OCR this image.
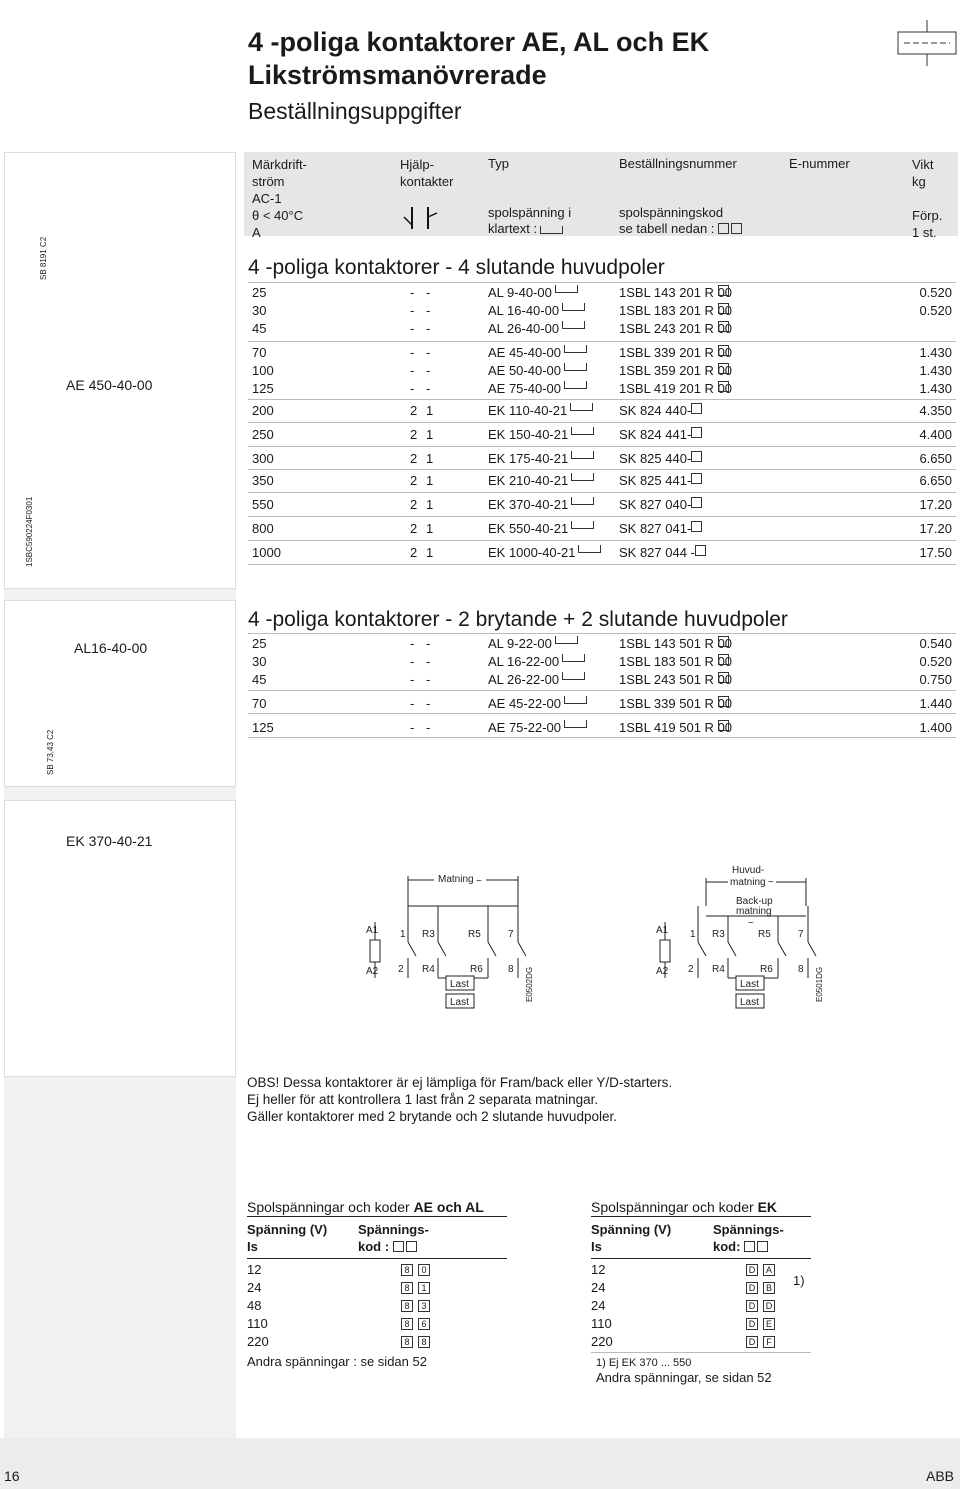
4 -poliga kontaktorer AE, AL och EK
Likströmsmanövrerade
Beställningsuppgifter
AE 450-40-00
SB 8191 C2
1SBC590224F0301
AL16-40-00
SB 73,43 C2
EK 370-40-21
Märkdrift-
ström
AC-1
θ < 40°C
A
Hjälp-
kontakter
Typ
spolspänning i
klartext :
Beställningsnummer
spolspänningskod
se tabell nedan :
E-nummer	Vikt
kg

Förp.
1 st.
4 -poliga kontaktorer - 4 slutande huvudpoler
25	- -	AL 9-40-00	1SBL 143 201 R 00	0.520
30	- -	AL 16-40-00	1SBL 183 201 R 00	0.520
45	- -	AL 26-40-00	1SBL 243 201 R 00
70	- -	AE 45-40-00	1SBL 339 201 R 00	1.430
100	- -	AE 50-40-00	1SBL 359 201 R 00	1.430
125	- -	AE 75-40-00	1SBL 419 201 R 00	1.430
200	2 1	EK 110-40-21	SK 824 440-	4.350
250	2 1	EK 150-40-21	SK 824 441-	4.400
300	2 1	EK 175-40-21	SK 825 440-	6.650
350	2 1	EK 210-40-21	SK 825 441-	6.650
550	2 1	EK 370-40-21	SK 827 040-	17.20
800	2 1	EK 550-40-21	SK 827 041-	17.20
1000	2 1	EK 1000-40-21	SK 827 044 -	17.50
4 -poliga kontaktorer - 2 brytande + 2 slutande huvudpoler
25	- -	AL 9-22-00	1SBL 143 501 R 00	0.540
30	- -	AL 16-22-00	1SBL 183 501 R 00	0.520
45	- -	AL 26-22-00	1SBL 243 501 R 00	0.750
70	- -	AE 45-22-00	1SBL 339 501 R 00	1.440
125	- -	AE 75-22-00	1SBL 419 501 R 00	1.400
Matning ~
A1 1 R3	R5	7
A2 2 R4	R6	8
Last
Last
E0502DG
Huvud-
matning ~
Back-up
matning
~
A1 1 R3	R5	7
A2 2 R4	R6	8
Last
Last
E0501DG
OBS! Dessa kontaktorer är ej lämpliga för Fram/back eller Y/D-starters.
Ej heller för att kontrollera 1 last från 2 separata matningar.
Gäller kontaktorer med 2 brytande och 2 slutande huvudpoler.
Spolspänningar och koder AE och AL
Spänning (V)
Is
Spännings-
kod :
12	8 0
24	8 1
48	8 3
110	8 6
220	8 8
Andra spänningar : se sidan 52
Spolspänningar och koder EK
Spänning (V)
Is
Spännings-
kod:
12	D A
24	D B
24	D D
110	D E
220	D F
1)
1) Ej EK 370 ... 550
Andra spänningar, se sidan 52
16	ABB
